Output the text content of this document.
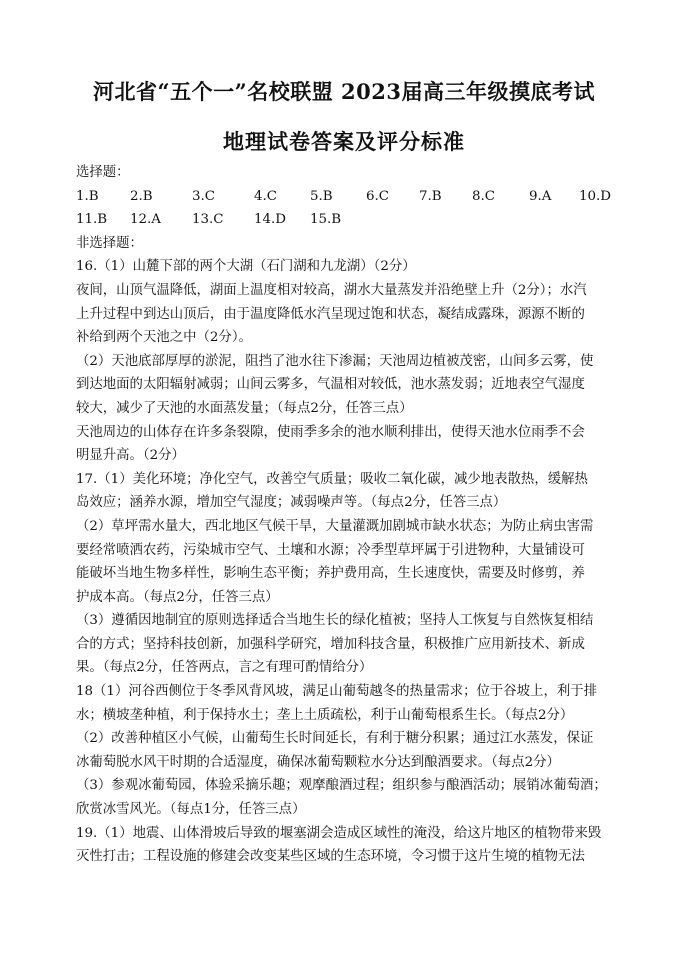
河北省“五个一”名校联盟 2023届高三年级摸底考试
地理试卷答案及评分标准

选择题：

1.B 2.B	3.C	4.C 5.B 6.C 7.B 8.C	9.A 10.D
11.B 12.A 13.C 14.D 15.B

非选择题：

16.（1）山麓下部的两个大湖（石门湖和九龙湖）（2分）

夜间，山顶气温降低，湖面上温度相对较高，湖水大量蒸发并沿绝壁上升（2分）；水汽

上升过程中到达山顶后，由于温度降低水汽呈现过饱和状态，凝结成露珠，源源不断的

补给到两个天池之中（2分）。

（2）天池底部厚厚的淤泥，阻挡了池水往下渗漏；天池周边植被茂密，山间多云雾，使

到达地面的太阳辐射减弱；山间云雾多，气温相对较低，池水蒸发弱；近地表空气湿度

较大，减少了天池的水面蒸发量；（每点2分，任答三点）

天池周边的山体存在许多条裂隙，使雨季多余的池水顺利排出，使得天池水位雨季不会

明显升高。（2分）

17.（1）美化环境；净化空气，改善空气质量；吸收二氧化碳，减少地表散热，缓解热

岛效应；涵养水源，增加空气湿度；减弱噪声等。（每点2分，任答三点）

（2）草坪需水量大，西北地区气候干旱，大量灌溉加剧城市缺水状态；为防止病虫害需

要经常喷洒农药，污染城市空气、土壤和水源；冷季型草坪属于引进物种，大量铺设可

能破坏当地生物多样性，影响生态平衡；养护费用高，生长速度快，需要及时修剪，养

护成本高。（每点2分，任答三点）

（3）遵循因地制宜的原则选择适合当地生长的绿化植被；坚持人工恢复与自然恢复相结

合的方式；坚持科技创新，加强科学研究，增加科技含量，积极推广应用新技术、新成

果。（每点2分，任答两点，言之有理可酌情给分）

18（1）河谷西侧位于冬季风背风坡，满足山葡萄越冬的热量需求；位于谷坡上，利于排

水；横坡垄种植，利于保持水土；垄上土质疏松，利于山葡萄根系生长。（每点2分）

（2）改善种植区小气候，山葡萄生长时间延长，有利于糖分积累；通过江水蒸发，保证

冰葡萄脱水风干时期的合适湿度，确保冰葡萄颗粒水分达到酿酒要求。（每点2分）

（3）参观冰葡萄园，体验采摘乐趣；观摩酿酒过程；组织参与酿酒活动；展销冰葡萄酒；

欣赏冰雪风光。（每点1分，任答三点）

19.（1）地震、山体滑坡后导致的堰塞湖会造成区域性的淹没，给这片地区的植物带来毁

灭性打击；工程设施的修建会改变某些区域的生态环境，令习惯于这片生境的植物无法
